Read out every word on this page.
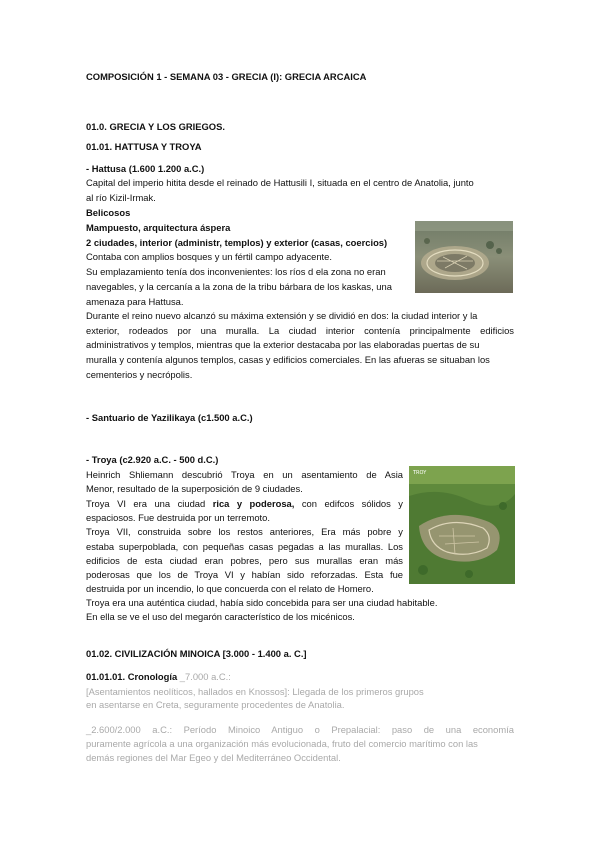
COMPOSICIÓN 1 - SEMANA 03 - GRECIA (I): GRECIA ARCAICA
01.0. GRECIA Y LOS GRIEGOS.
01.01. HATTUSA Y TROYA
- Hattusa (1.600 1.200 a.C.)
Capital del imperio hitita desde el reinado de Hattusili I, situada en el centro de Anatolia, junto
al río Kizil-Irmak.
Belicosos
Mampuesto, arquitectura áspera
2 ciudades, interior (administr, templos) y exterior (casas, coercios)
Contaba con amplios bosques y un fértil campo adyacente.
Su emplazamiento tenía dos inconvenientes: los ríos d ela zona no eran
navegables, y la cercanía a la zona de la tribu bárbara de los kaskas, una
amenaza para Hattusa.
Durante el reino nuevo alcanzó su máxima extensión y se dividió en dos: la ciudad interior y la
exterior, rodeados por una muralla. La ciudad interior contenía principalmente edificios
administrativos y templos, mientras que la exterior destacaba por las elaboradas puertas de su
muralla y contenía algunos templos, casas y edificios comerciales. En las afueras se situaban los
cementerios y necrópolis.
- Santuario de Yazilikaya (c1.500 a.C.)
- Troya (c2.920 a.C. - 500 d.C.)
Heinrich Shliemann descubrió Troya en un asentamiento de Asia
Menor, resultado de la superposición de 9 ciudades.
Troya VI era una ciudad rica y poderosa, con edifcos sólidos y
espaciosos. Fue destruida por un terremoto.
Troya VII, construida sobre los restos anteriores, Era más pobre y
estaba superpoblada, con pequeñas casas pegadas a las murallas. Los
edificios de esta ciudad eran pobres, pero sus murallas eran más
poderosas que los de Troya VI y habían sido reforzadas. Esta fue
destruida por un incendio, lo que concuerda con el relato de Homero.
Troya era una auténtica ciudad, había sido concebida para ser una ciudad habitable.
En ella se ve el uso del megarón característico de los micénicos.
TROY
01.02. CIVILIZACIÓN MINOICA [3.000 - 1.400 a. C.]
01.01.01. Cronología _7.000 a.C.:
[Asentamientos neolíticos, hallados en Knossos]: Llegada de los primeros grupos
en asentarse en Creta, seguramente procedentes de Anatolia.
_2.600/2.000 a.C.: Período Minoico Antiguo o Prepalacial: paso de una economía
puramente agrícola a una organización más evolucionada, fruto del comercio marítimo con las
demás regiones del Mar Egeo y del Mediterráneo Occidental.
